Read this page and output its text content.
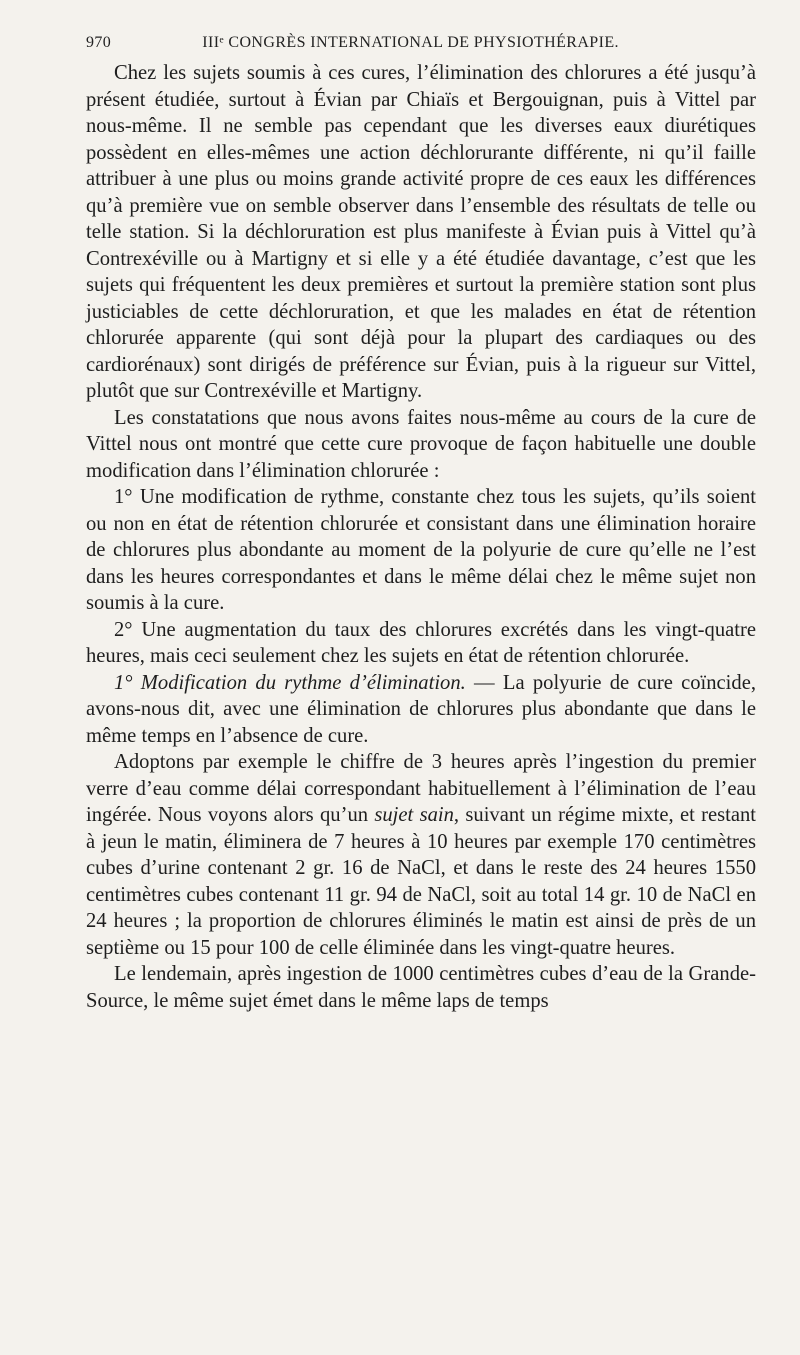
970	IIIᵉ CONGRÈS INTERNATIONAL DE PHYSIOTHÉRAPIE.

Chez les sujets soumis à ces cures, l’élimination des chlorures a été jusqu’à présent étudiée, surtout à Évian par Chiaïs et Bergouignan, puis à Vittel par nous-même. Il ne semble pas cependant que les diverses eaux diurétiques possèdent en elles-mêmes une action déchlorurante différente, ni qu’il faille attribuer à une plus ou moins grande activité propre de ces eaux les différences qu’à première vue on semble observer dans l’ensemble des résultats de telle ou telle station. Si la déchloruration est plus manifeste à Évian puis à Vittel qu’à Contrexéville ou à Martigny et si elle y a été étudiée davantage, c’est que les sujets qui fréquentent les deux premières et surtout la première station sont plus justiciables de cette déchloruration, et que les malades en état de rétention chlorurée apparente (qui sont déjà pour la plupart des cardiaques ou des cardiorénaux) sont dirigés de préférence sur Évian, puis à la rigueur sur Vittel, plutôt que sur Contrexéville et Martigny.

Les constatations que nous avons faites nous-même au cours de la cure de Vittel nous ont montré que cette cure provoque de façon habituelle une double modification dans l’élimination chlorurée :

1° Une modification de rythme, constante chez tous les sujets, qu’ils soient ou non en état de rétention chlorurée et consistant dans une élimination horaire de chlorures plus abondante au moment de la polyurie de cure qu’elle ne l’est dans les heures correspondantes et dans le même délai chez le même sujet non soumis à la cure.

2° Une augmentation du taux des chlorures excrétés dans les vingt-quatre heures, mais ceci seulement chez les sujets en état de rétention chlorurée.

1° Modification du rythme d’élimination. — La polyurie de cure coïncide, avons-nous dit, avec une élimination de chlorures plus abondante que dans le même temps en l’absence de cure.

Adoptons par exemple le chiffre de 3 heures après l’ingestion du premier verre d’eau comme délai correspondant habituellement à l’élimination de l’eau ingérée. Nous voyons alors qu’un sujet sain, suivant un régime mixte, et restant à jeun le matin, éliminera de 7 heures à 10 heures par exemple 170 centimètres cubes d’urine contenant 2 gr. 16 de NaCl, et dans le reste des 24 heures 1550 centimètres cubes contenant 11 gr. 94 de NaCl, soit au total 14 gr. 10 de NaCl en 24 heures ; la proportion de chlorures éliminés le matin est ainsi de près de un septième ou 15 pour 100 de celle éliminée dans les vingt-quatre heures.

Le lendemain, après ingestion de 1000 centimètres cubes d’eau de la Grande-Source, le même sujet émet dans le même laps de temps
